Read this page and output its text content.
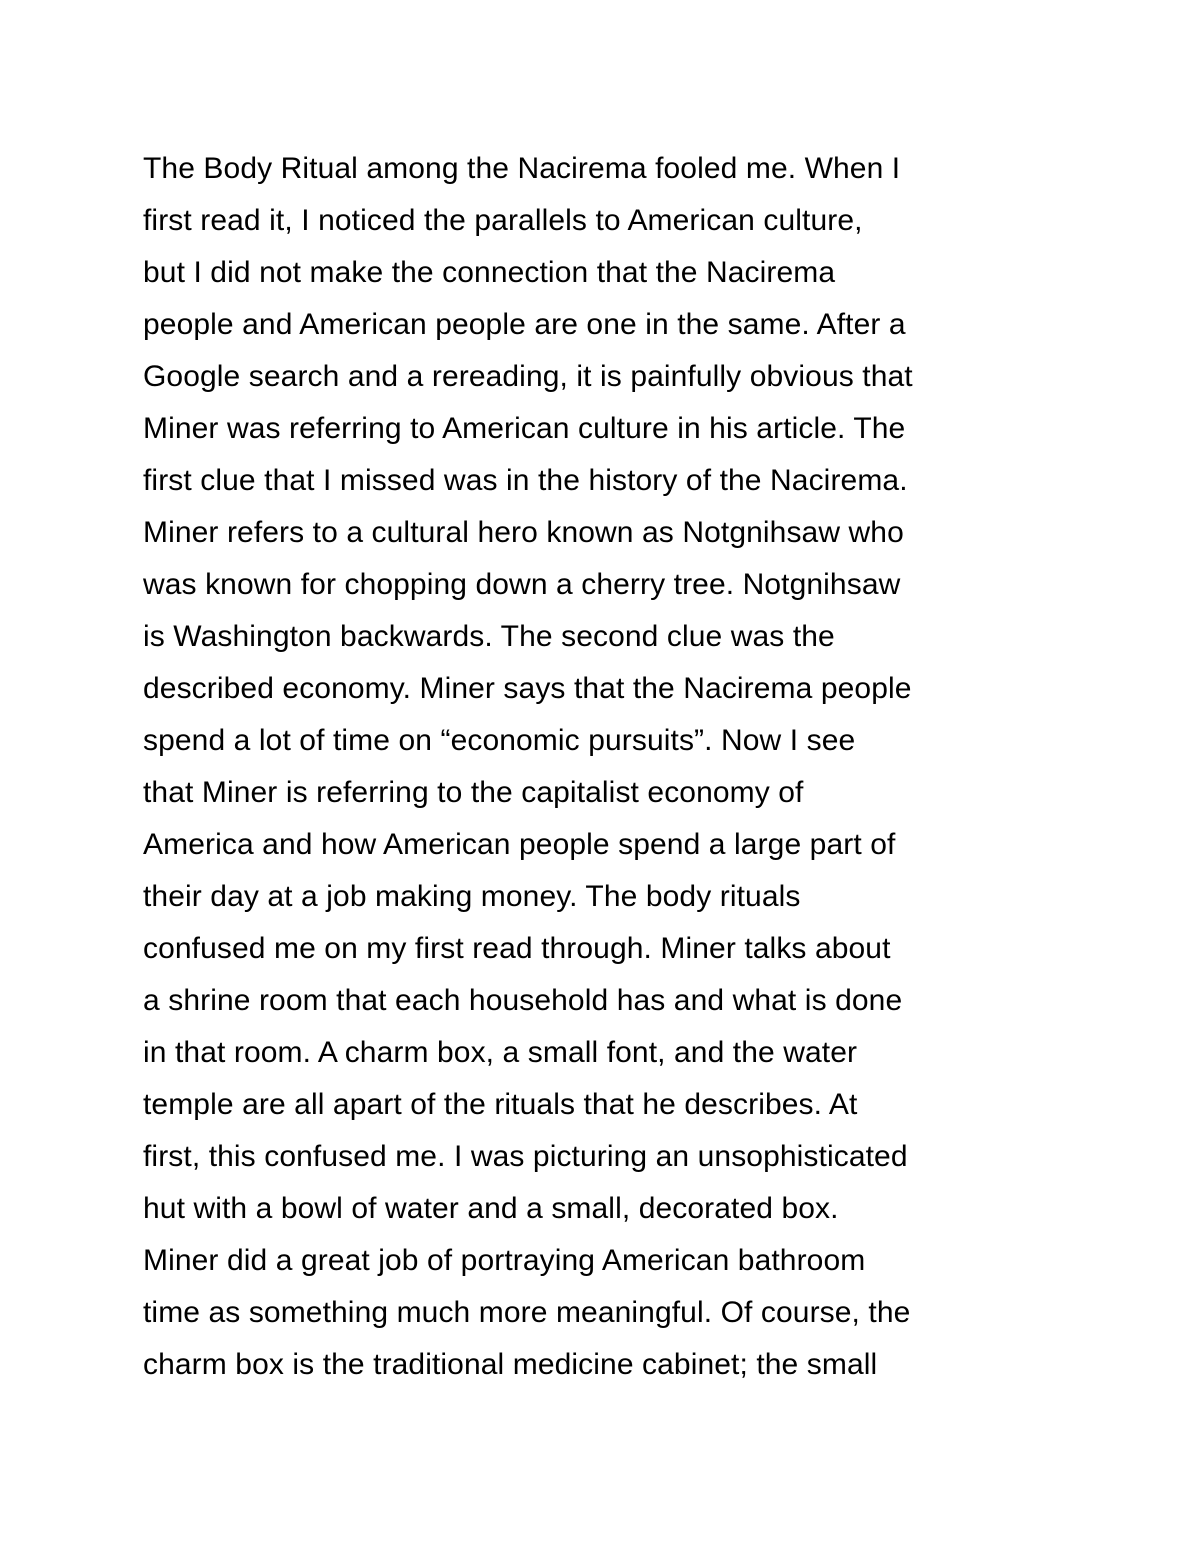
The Body Ritual among the Nacirema fooled me. When I
first read it, I noticed the parallels to American culture,
but I did not make the connection that the Nacirema
people and American people are one in the same. After a
Google search and a rereading, it is painfully obvious that
Miner was referring to American culture in his article. The
first clue that I missed was in the history of the Nacirema.
Miner refers to a cultural hero known as Notgnihsaw who
was known for chopping down a cherry tree. Notgnihsaw
is Washington backwards. The second clue was the
described economy. Miner says that the Nacirema people
spend a lot of time on “economic pursuits”. Now I see
that Miner is referring to the capitalist economy of
America and how American people spend a large part of
their day at a job making money. The body rituals
confused me on my first read through. Miner talks about
a shrine room that each household has and what is done
in that room. A charm box, a small font, and the water
temple are all apart of the rituals that he describes. At
first, this confused me. I was picturing an unsophisticated
hut with a bowl of water and a small, decorated box.
Miner did a great job of portraying American bathroom
time as something much more meaningful. Of course, the
charm box is the traditional medicine cabinet; the small
